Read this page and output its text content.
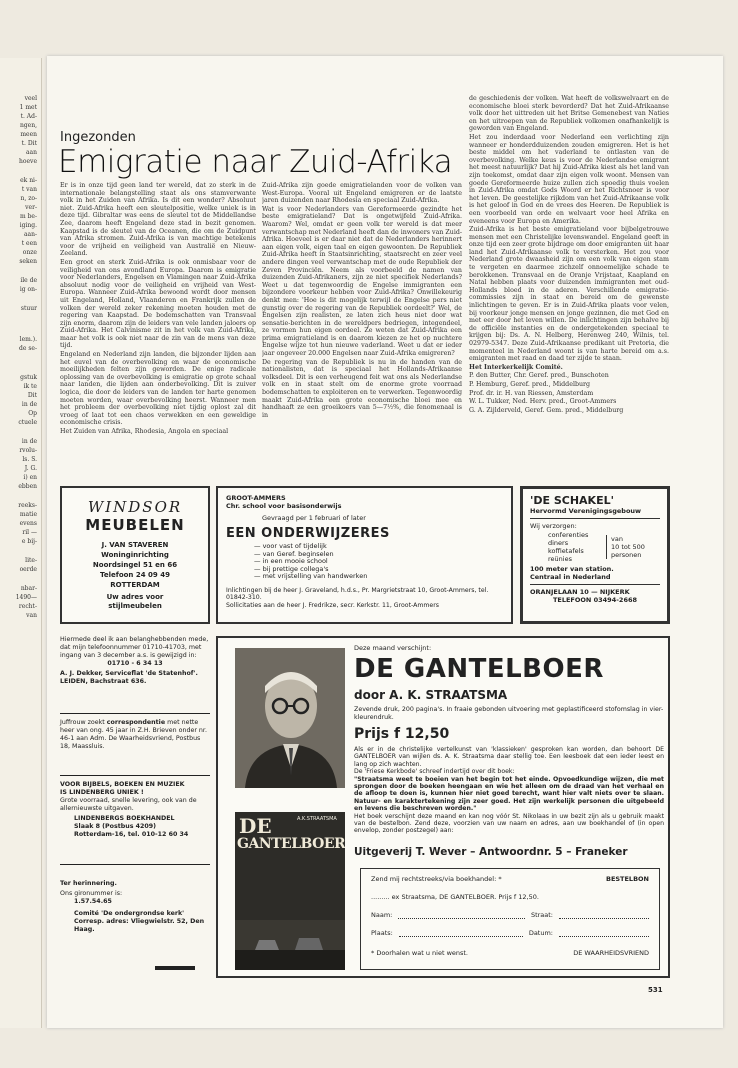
veel
1 met
t. Ad-
ngen,
meen
t. Dit
aan
hoeve
ek ni-
t van
n, zo-
ver-
m be-
iging.
aan-
t een
onze
seken
ile de
ig on-
stuur
lem.).
de se-
gstuk
ik te
Dit
in de
Op
ctuele
in de
rvolu-
ls. S.
J. G.
i) en
ebben
reeks-
matie
evens
ril —
e bij-
lite-
oerde
nbar-
1490—
recht-
van
Ingezonden
Emigratie naar Zuid-Afrika

Er is in onze tijd geen land ter wereld, dat zo sterk in de internationale belangstelling staat als ons stamverwante volk in het Zuiden van Afrika. Is dit een wonder? Absoluut niet. Zuid-Afrika heeft een sleutelpositie, welke uniek is in deze tijd. Gibraltar was eens de sleutel tot de Middellandse Zee, daarom heeft Engeland deze stad in bezit genomen. Kaapstad is de sleutel van de Oceanen, die om de Zuidpunt van Afrika stromen. Zuid-Afrika is van machtige betekenis voor de vrijheid en veiligheid van Australië en Nieuw-Zeeland.

Een groot en sterk Zuid-Afrika is ook onmisbaar voor de veiligheid van ons avondland Europa. Daarom is emigratie voor Nederlanders, Engelsen en Vlamingen naar Zuid-Afrika absoluut nodig voor de veiligheid en vrijheid van West-Europa. Wanneer Zuid-Afrika bewoond wordt door mensen uit Engeland, Holland, Vlaanderen en Frankrijk zullen de volken der wereld zeker rekening moeten houden met de regering van Kaapstad. De bodemschatten van Transvaal zijn enorm, daarom zijn de leiders van vele landen jaloers op Zuid-Afrika. Het Calvinisme zit in het volk van Zuid-Afrika, maar het volk is ook niet naar de zin van de mens van deze tijd.

Engeland en Nederland zijn landen, die bijzonder lijden aan het euvel van de overbevolking en waar de economische moeilijkheden felten zijn geworden. De enige radicale oplossing van de overbevolking is emigratie op grote schaal naar landen, die lijden aan onderbevolking. Dit is zuiver logica, die door de leiders van de landen ter harte genomen moeten worden, waar overbevolking heerst. Wanneer men het probleem der overbevolking niet tijdig oplost zal dit vroeg of laat tot een chaos verwekken en een geweldige economische crisis.

Het Zuiden van Afrika, Rhodesia, Angola en speciaal

Zuid-Afrika zijn goede emigratielanden voor de volken van West-Europa. Vooral uit Engeland emigreren er de laatste jaren duizenden naar Rhodesia en speciaal Zuid-Afrika.

Wat is voor Nederlanders van Gereformeerde gezindte het beste emigratieland? Dat is ongetwijfeld Zuid-Afrika. Waarom? Wel, omdat er geen volk ter wereld is dat meer verwantschap met Nederland heeft dan de inwoners van Zuid-Afrika. Hoeveel is er daar niet dat de Nederlanders herinnert aan eigen volk, eigen taal en eigen gewoonten. De Republiek Zuid-Afrika heeft in Staatsinrichting, staatsrecht en zeer veel andere dingen veel verwantschap met de oude Republiek der Zeven Provinciën. Neem als voorbeeld de namen van duizenden Zuid-Afrikaners, zijn ze niet specifiek Nederlands? Weet u dat tegenwoordig de Engelse immigranten een bijzondere voorkeur hebben voor Zuid-Afrika? Onwillekeurig denkt men: 'Hoe is dit mogelijk terwijl de Engelse pers niet gunstig over de regering van de Republiek oordeelt?' Wel, de Engelsen zijn realisten, ze laten zich heus niet door wat sensatie-berichten in de wereldpers bedriegen, integendeel, ze vormen hun eigen oordeel. Ze weten dat Zuid-Afrika een prima emigratieland is en daarom kiezen ze het op nuchtere Engelse wijze tot hun nieuwe vaderland. Weet u dat er ieder jaar ongeveer 20.000 Engelsen naar Zuid-Afrika emigreren?

De regering van de Republiek is nu in de handen van de nationalisten, dat is speciaal het Hollands-Afrikaanse volksdeel. Dit is een verheugend feit wat ons als Nederlandse volk en in staat stelt om de enorme grote voorraad bodemschatten te exploiteren en te verwerken. Tegenwoordig maakt Zuid-Afrika een grote economische bloei mee en handhaaft ze een groeikoers van 5—7½%, die fenomenaal is in

de geschiedenis der volken. Wat heeft de volkswelvaart en de economische bloei sterk bevorderd? Dat het Zuid-Afrikaanse volk door het uittreden uit het Britse Gemenebest van Naties en het uitroepen van de Republiek volkomen onafhankelijk is geworden van Engeland.

Het zou inderdaad voor Nederland een verlichting zijn wanneer er honderdduizenden zouden emigreren. Het is het beste middel om het vaderland te ontlasten van de overbevolking. Welke keus is voor de Nederlandse emigrant het meest natuurlijk? Dat hij Zuid-Afrika kiest als het land van zijn toekomst, omdat daar zijn eigen volk woont. Mensen van goede Gereformeerde huize zullen zich spoedig thuis voelen in Zuid-Afrika omdat Gods Woord er het Richtsnoer is voor het leven. De geestelijke rijkdom van het Zuid-Afrikaanse volk is het geloof in God en de vrees des Heeren. De Republiek is een voorbeeld van orde en welvaart voor heel Afrika en eveneens voor Europa en Amerika.

Zuid-Afrika is het beste emigratieland voor bijbelgetrouwe mensen met een Christelijke levenswandel. Engeland geeft in onze tijd een zeer grote bijdrage om door emigranten uit haar land het Zuid-Afrikaanse volk te versterken. Het zou voor Nederland grote dwaasheid zijn om een volk van eigen stam te vergeten en daarmee zichzelf onnoemelijke schade te berokkenen. Transvaal en de Oranje Vrijstaat, Kaapland en Natal hebben plaats voor duizenden immigranten met oud-Hollands bloed in de aderen. Verschillende emigratie-commissies zijn in staat en bereid om de gewenste inlichtingen te geven. Er is in Zuid-Afrika plaats voor velen, bij voorkeur jonge mensen en jonge gezinnen, die met God en met eer door het leven willen. De inlichtingen zijn behalve bij de officiële instanties en de ondergetekenden speciaal te krijgen bij: Ds. A. N. Helberg, Herenweg 240, Wilnis, tel. 02979-5347. Deze Zuid-Afrikaanse predikant uit Pretoria, die momenteel in Nederland woont is van harte bereid om a.s. emigranten met raad en daad ter zijde te staan.

Het Interkerkelijk Comité.

P. den Butter, Chr. Geref. pred., Bunschoten

P. Hemburg, Geref. pred., Middelburg

Prof. dr. ir. H. van Riessen, Amsterdam

W. L. Tukker, Ned. Herv. pred., Groot-Ammers

G. A. Zijlderveld, Geref. Gem. pred., Middelburg

WINDSOR
MEUBELEN
J. VAN STAVEREN
Woninginrichting
Noordsingel 51 en 66
Telefoon 24 09 49
ROTTERDAM
Uw adres voor
stijlmeubelen
GROOT-AMMERS
Chr. school voor basisonderwijs
Gevraagd per 1 februari of later
EEN ONDERWIJZERES
— voor vast of tijdelijk
— van Geref. beginselen
— in een mooie school
— bij prettige collega's
— met vrijstelling van handwerken
Inlichtingen bij de heer J. Graveland, h.d.s., Pr. Margrietstraat 10, Groot-Ammers, tel. 01842-310.
Sollicitaties aan de heer J. Fredrikze, secr. Kerkstr. 11, Groot-Ammers
'DE SCHAKEL'
Hervormd Verenigingsgebouw
Wij verzorgen:
conferenties
diners
koffietafels
reünies
van
10 tot 500
personen
100 meter van station.
Centraal in Nederland
ORANJELAAN 10 — NIJKERK
TELEFOON 03494-2668
Hiermede deel ik aan belanghebbenden mede, dat mijn telefoonnummer 01710-41703, met ingang van 3 december a.s. is gewijzigd in:
01710 - 6 34 13
A. J. Dekker, Serviceflat 'de Statenhof'. LEIDEN, Bachstraat 636.
Juffrouw zoekt correspondentie met nette heer van ong. 45 jaar in Z.H. Brieven onder nr. 46-1 aan Adm. De Waarheidsvriend, Postbus 18, Maassluis.
VOOR BIJBELS, BOEKEN EN MUZIEK
IS LINDENBERG UNIEK !
Grote voorraad, snelle levering, ook van de allernieuwste uitgaven.
LINDENBERGS BOEKHANDEL
Slaak 8 (Postbus 4209)
Rotterdam-16, tel. 010-12 60 34
Ter herinnering.
Ons gironummer is:
1.57.54.65
Comité 'De ondergrondse kerk' Corresp. adres: Vliegwielstr. 52, Den Haag.
A.K.STRAATSMA
DE
GANTELBOER
Deze maand verschijnt:
DE GANTELBOER
door A. K. STRAATSMA
Zevende druk, 200 pagina's. In fraaie gebonden uitvoering met geplastificeerd stofomslag in vier-kleurendruk.
Prijs f 12,50
Als er in de christelijke vertelkunst van 'klassieken' gesproken kan worden, dan behoort DE GANTELBOER van wijlen ds. A. K. Straatsma daar stellig toe. Een leesboek dat een ieder leest en lang op zich wachten.
De 'Friese Kerkbode' schreef indertijd over dit boek:
"Straatsma weet te boeien van het begin tot het einde. Opvoedkundige wijzen, die met sprongen door de boeken heengaan en wie het alleen om de draad van het verhaal en de afloop te doen is, kunnen hier niet goed terecht, want hier valt niets over te slaan. Natuur- en karaktertekening zijn zeer goed. Het zijn werkelijk personen die uitgebeeld en levens die beschreven worden."
Het boek verschijnt deze maand en kan nog vóór St. Nikolaas in uw bezit zijn als u gebruik maakt van de bestelbon. Zend deze, voorzien van uw naam en adres, aan uw boekhandel of (in open envelop, zonder postzegel) aan:
Uitgeverij T. Wever – Antwoordnr. 5 – Franeker
Zend mij rechtstreeks/via boekhandel: *	BESTELBON
......... ex Straatsma, DE GANTELBOER. Prijs f 12,50.
Naam:	Straat:
Plaats:	Datum:
* Doorhalen wat u niet wenst.	DE WAARHEIDSVRIEND
531
